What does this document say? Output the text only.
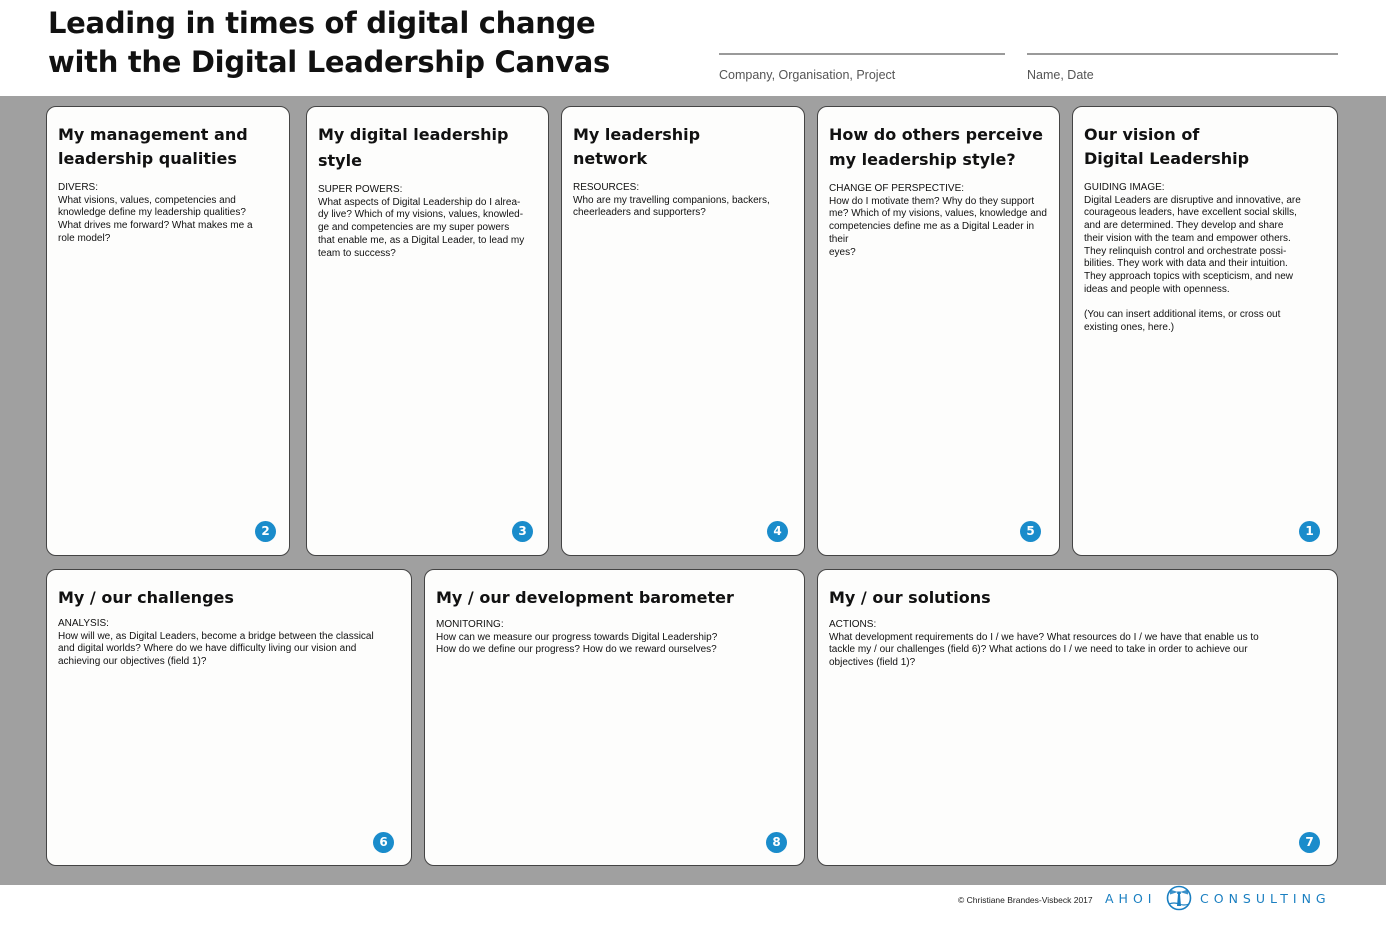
Leading in times of digital change
with the Digital Leadership Canvas	Company, Organisation, Project	Name, Date
My management and
leadership qualities
DIVERS:
What visions, values, competencies and
knowledge define my leadership qualities?
What drives me forward? What makes me a
role model?
2
My digital leadership
style
SUPER POWERS:
What aspects of Digital Leadership do I alrea-
dy live? Which of my visions, values, knowled-
ge and competencies are my super powers
that enable me, as a Digital Leader, to lead my
team to success?
3
My leadership
network
RESOURCES:
Who are my travelling companions, backers,
cheerleaders and supporters?
4
How do others perceive
my leadership style?
CHANGE OF PERSPECTIVE:
How do I motivate them? Why do they support
me? Which of my visions, values, knowledge and
competencies define me as a Digital Leader in their
eyes?
5
Our vision of
Digital Leadership
GUIDING IMAGE:
Digital Leaders are disruptive and innovative, are
courageous leaders, have excellent social skills,
and are determined. They develop and share
their vision with the team and empower others.
They relinquish control and orchestrate possi-
bilities. They work with data and their intuition.
They approach topics with scepticism, and new
ideas and people with openness.
(You can insert additional items, or cross out
existing ones, here.)
1
My / our challenges
ANALYSIS:
How will we, as Digital Leaders, become a bridge between the classical
and digital worlds? Where do we have difficulty living our vision and
achieving our objectives (field 1)?
6
My / our development barometer
MONITORING:
How can we measure our progress towards Digital Leadership?
How do we define our progress? How do we reward ourselves?
8
My / our solutions
ACTIONS:
What development requirements do I / we have? What resources do I / we have that enable us to
tackle my / our challenges (field 6)? What actions do I / we need to take in order to achieve our
objectives (field 1)?
7
© Christiane Brandes-Visbeck 2017 AHOI	CONSULTING
